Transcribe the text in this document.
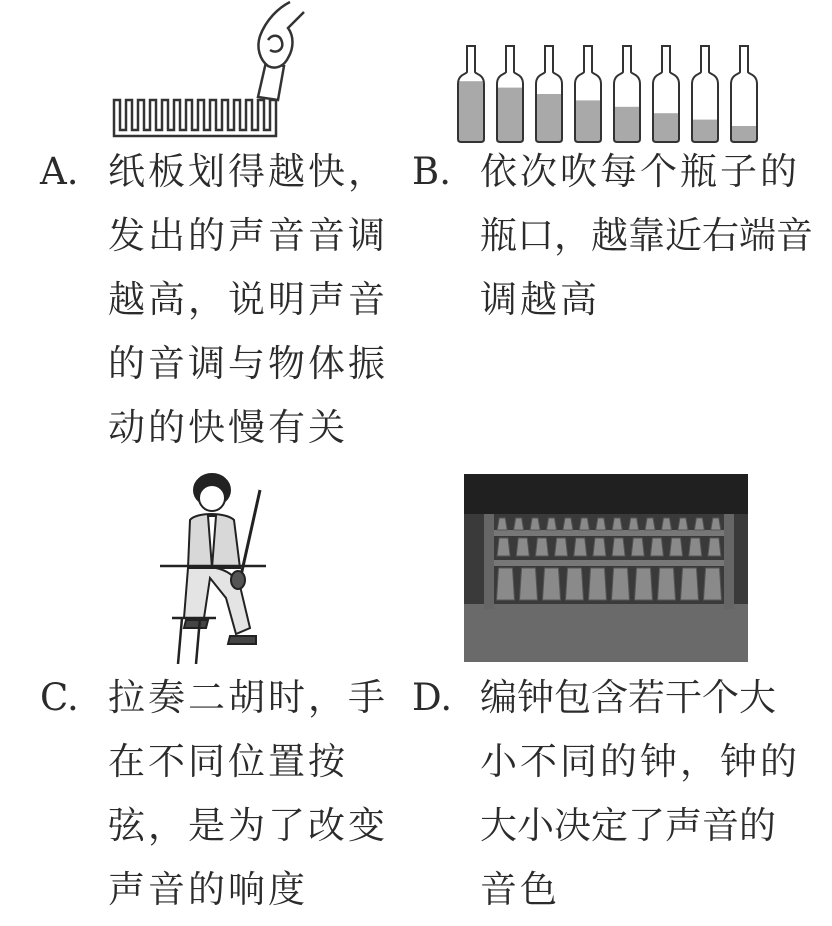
A. 纸板划得越快，
发出的声音音调
越高，说明声音
的音调与物体振
动的快慢有关
B. 依次吹每个瓶子的
瓶口，越靠近右端音
调越高
C. 拉奏二胡时，手
在不同位置按
弦，是为了改变
声音的响度
D. 编钟包含若干个大
小不同的钟，钟的
大小决定了声音的
音色
